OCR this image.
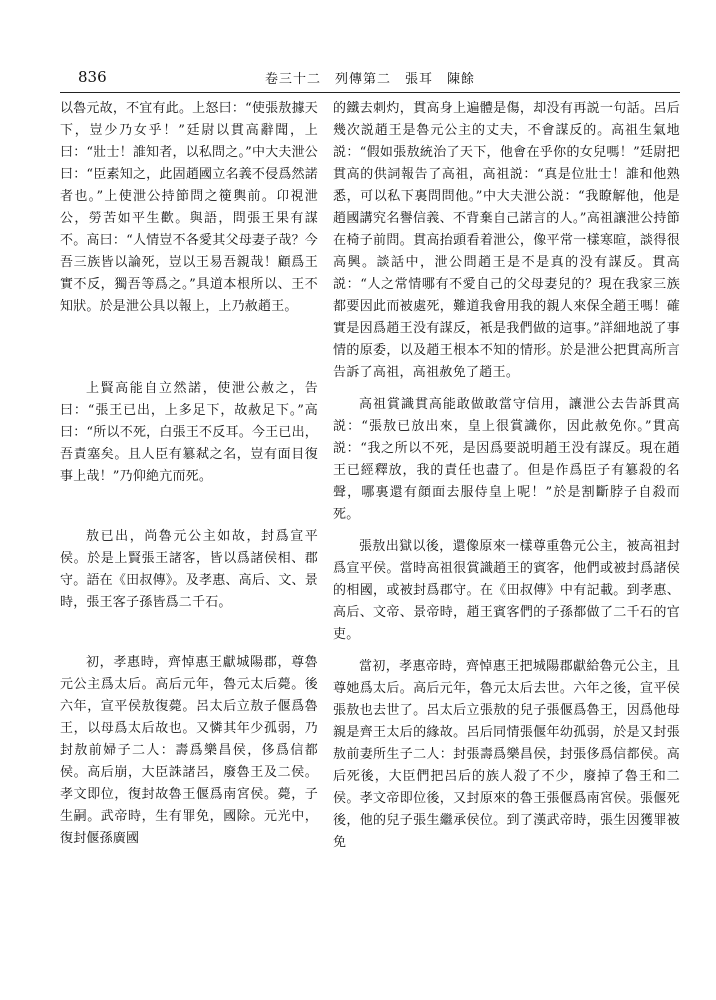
836	卷三十二　列傳第二　張耳　陳餘

以魯元故，不宜有此。上怒曰：“使張敖據天下，豈少乃女乎！”廷尉以貫高辭聞，上曰：“壯士！誰知者，以私問之。”中大夫泄公曰：“臣素知之，此固趙國立名義不侵爲然諾者也。”上使泄公持節問之箯輿前。卬視泄公，勞苦如平生歡。與語，問張王果有謀不。高曰：“人情豈不各愛其父母妻子哉？今吾三族皆以論死，豈以王易吾親哉！顧爲王實不反，獨吾等爲之。”具道本根所以、王不知狀。於是泄公具以報上，上乃赦趙王。

上賢高能自立然諾，使泄公赦之，告曰：“張王已出，上多足下，故赦足下。”高曰：“所以不死，白張王不反耳。今王已出，吾責塞矣。且人臣有簒弒之名，豈有面目復事上哉！”乃仰絶亢而死。

敖已出，尚魯元公主如故，封爲宣平侯。於是上賢張王諸客，皆以爲諸侯相、郡守。語在《田叔傳》。及孝惠、高后、文、景時，張王客子孫皆爲二千石。

初，孝惠時，齊悼惠王獻城陽郡，尊魯元公主爲太后。高后元年，魯元太后薨。後六年，宣平侯敖復薨。呂太后立敖子偃爲魯王，以母爲太后故也。又憐其年少孤弱，乃封敖前婦子二人：壽爲樂昌侯，侈爲信都侯。高后崩，大臣誅諸呂，廢魯王及二侯。孝文即位，復封故魯王偃爲南宮侯。薨，子生嗣。武帝時，生有罪免，國除。元光中，復封偃孫廣國

的鐵去刺灼，貫高身上遍體是傷，却没有再説一句話。呂后幾次説趙王是魯元公主的丈夫，不會謀反的。高祖生氣地説：“假如張敖統治了天下，他會在乎你的女兒嗎！”廷尉把貫高的供詞報告了高祖，高祖説：“真是位壯士！誰和他熟悉，可以私下裏問問他。”中大夫泄公説：“我瞭解他，他是趙國講究名譽信義、不背棄自己諾言的人。”高祖讓泄公持節在椅子前問。貫高抬頭看着泄公，像平常一樣寒暄，談得很高興。談話中，泄公問趙王是不是真的没有謀反。貫高説：“人之常情哪有不愛自己的父母妻兒的？現在我家三族都要因此而被處死，難道我會用我的親人來保全趙王嗎！確實是因爲趙王没有謀反，衹是我們做的這事。”詳細地説了事情的原委，以及趙王根本不知的情形。於是泄公把貫高所言告訴了高祖，高祖赦免了趙王。

高祖賞識貫高能敢做敢當守信用，讓泄公去告訴貫高説：“張敖已放出來，皇上很賞識你，因此赦免你。”貫高説：“我之所以不死，是因爲要説明趙王没有謀反。現在趙王已經釋放，我的責任也盡了。但是作爲臣子有簒殺的名聲，哪裏還有顔面去服侍皇上呢！”於是割斷脖子自殺而死。

張敖出獄以後，還像原來一樣尊重魯元公主，被高祖封爲宣平侯。當時高祖很賞識趙王的賓客，他們或被封爲諸侯的相國，或被封爲郡守。在《田叔傳》中有記載。到孝惠、高后、文帝、景帝時，趙王賓客們的子孫都做了二千石的官吏。

當初，孝惠帝時，齊悼惠王把城陽郡獻給魯元公主，且尊她爲太后。高后元年，魯元太后去世。六年之後，宣平侯張敖也去世了。呂太后立張敖的兒子張偃爲魯王，因爲他母親是齊王太后的緣故。呂后同情張偃年幼孤弱，於是又封張敖前妻所生子二人：封張壽爲樂昌侯，封張侈爲信都侯。高后死後，大臣們把呂后的族人殺了不少，廢掉了魯王和二侯。孝文帝即位後，又封原來的魯王張偃爲南宮侯。張偃死後，他的兒子張生繼承侯位。到了漢武帝時，張生因獲罪被免
